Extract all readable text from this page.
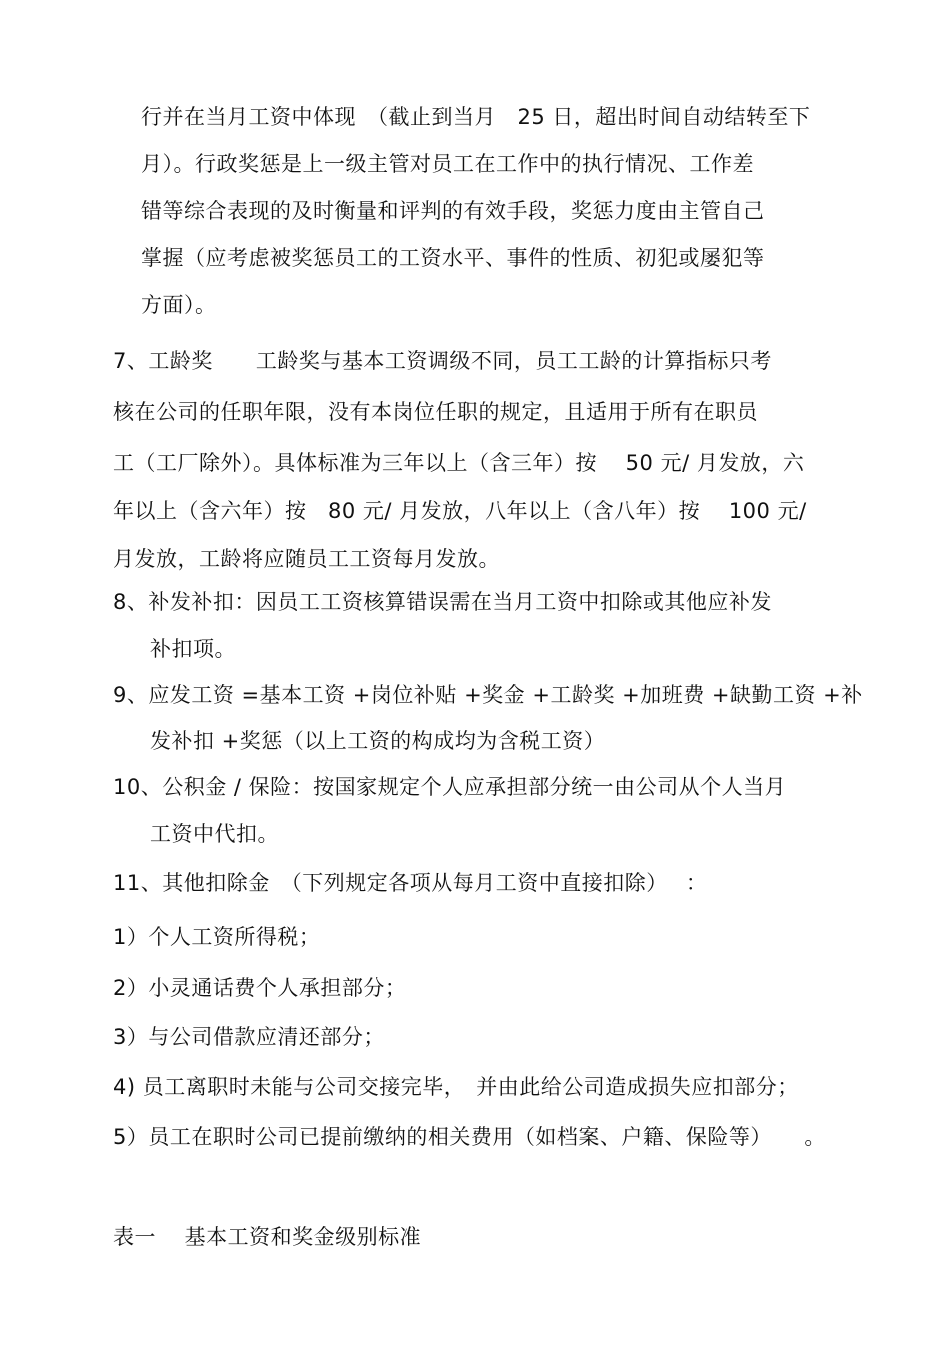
行并在当月工资中体现　（截止到当月　25 日，超出时间自动结转至下
月）。行政奖惩是上一级主管对员工在工作中的执行情况、工作差
错等综合表现的及时衡量和评判的有效手段，奖惩力度由主管自己
掌握（应考虑被奖惩员工的工资水平、事件的性质、初犯或屡犯等
方面）。
7、工龄奖　　工龄奖与基本工资调级不同，员工工龄的计算指标只考
核在公司的任职年限，没有本岗位任职的规定，且适用于所有在职员
工（工厂除外）。具体标准为三年以上（含三年）按　 50 元/ 月发放，六
年以上（含六年）按　80 元/ 月发放，八年以上（含八年）按　 100 元/
月发放，工龄将应随员工工资每月发放。
8、补发补扣：因员工工资核算错误需在当月工资中扣除或其他应补发
补扣项。
9、应发工资 =基本工资 +岗位补贴 +奖金 +工龄奖 +加班费 +缺勤工资 +补
发补扣 +奖惩（以上工资的构成均为含税工资）
10、公积金 / 保险：按国家规定个人应承担部分统一由公司从个人当月
工资中代扣。
11、其他扣除金　（下列规定各项从每月工资中直接扣除）　 ：
1）个人工资所得税；
2）小灵通话费个人承担部分；
3）与公司借款应清还部分；
4) 员工离职时未能与公司交接完毕，　并由此给公司造成损失应扣部分；
5）员工在职时公司已提前缴纳的相关费用（如档案、户籍、保险等）　　。
表一　 基本工资和奖金级别标准
